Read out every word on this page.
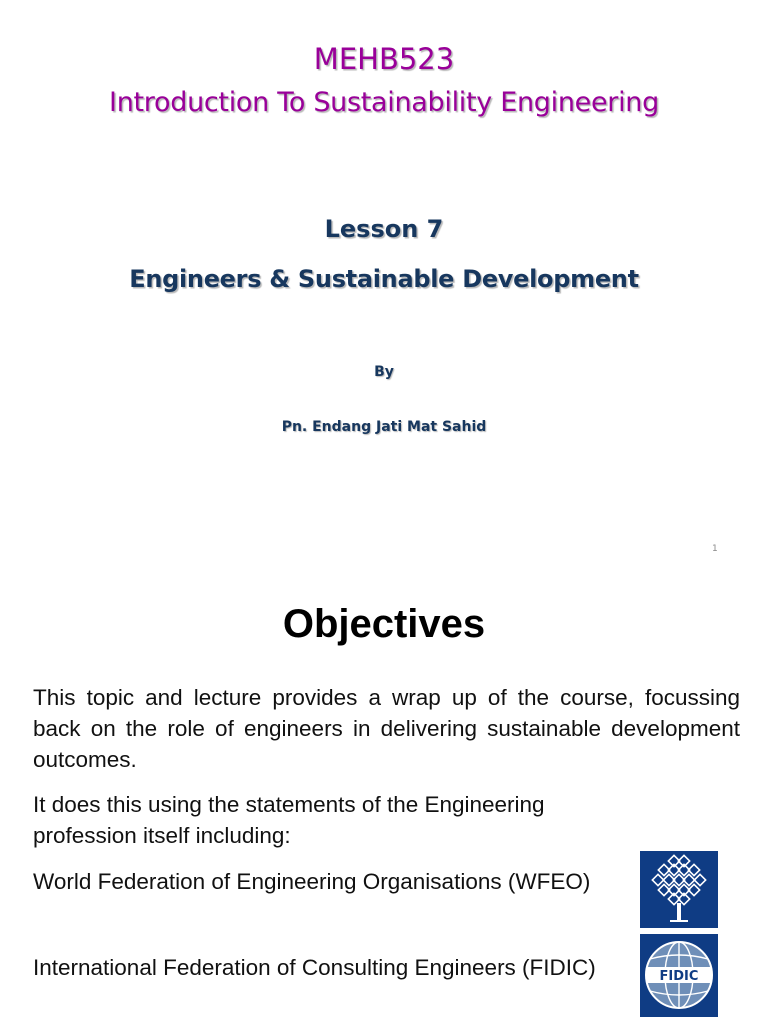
MEHB523
Introduction To Sustainability Engineering
Lesson 7
Engineers & Sustainable Development
By
Pn. Endang Jati Mat Sahid
1
Objectives
This topic and lecture provides a wrap up of the course, focussing back on the role of engineers in delivering sustainable development outcomes.
It does this using the statements of the Engineering profession itself including:
World Federation of Engineering Organisations (WFEO)
International Federation of Consulting Engineers (FIDIC)	FIDIC
